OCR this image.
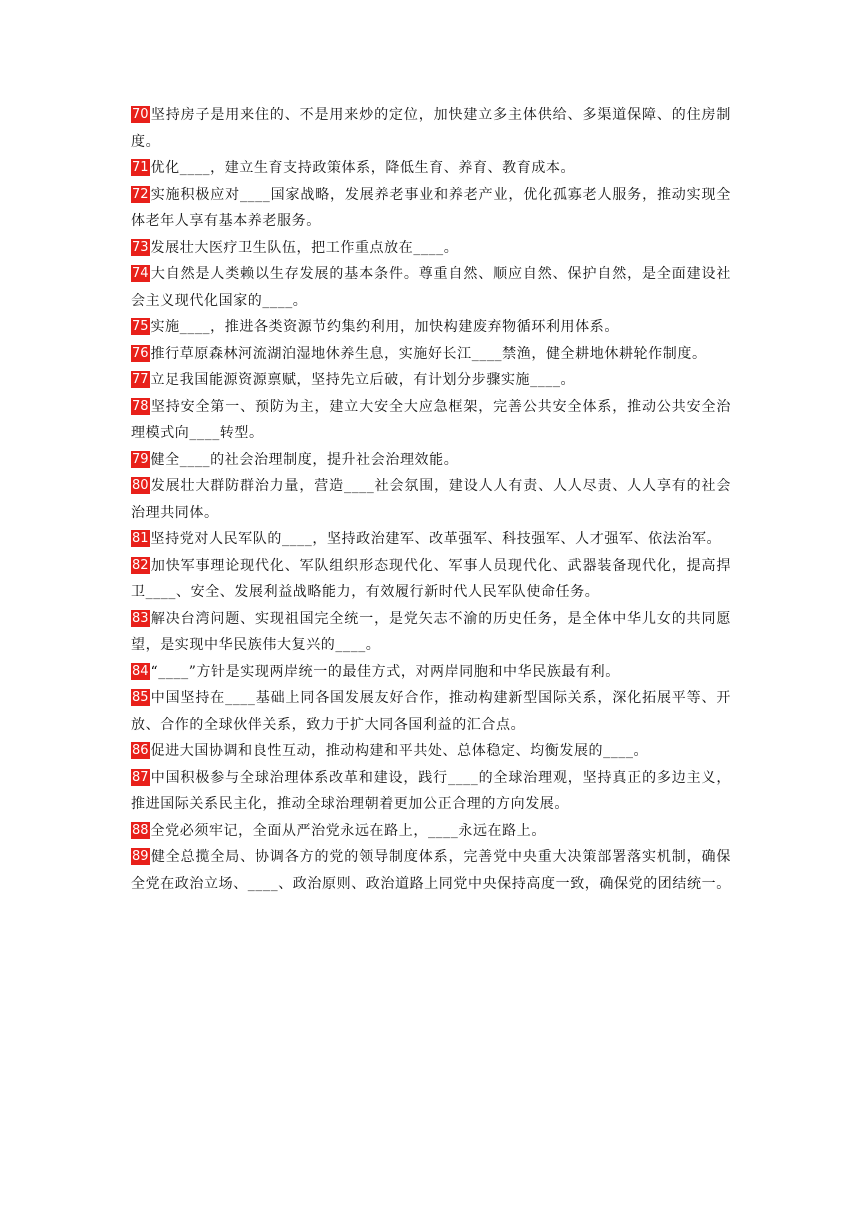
70 坚持房子是用来住的、不是用来炒的定位，加快建立多主体供给、多渠道保障、的住房制度。

71 优化____，建立生育支持政策体系，降低生育、养育、教育成本。

72 实施积极应对____国家战略，发展养老事业和养老产业，优化孤寡老人服务，推动实现全体老年人享有基本养老服务。

73 发展壮大医疗卫生队伍，把工作重点放在____。

74 大自然是人类赖以生存发展的基本条件。尊重自然、顺应自然、保护自然，是全面建设社会主义现代化国家的____。

75 实施____，推进各类资源节约集约利用，加快构建废弃物循环利用体系。

76 推行草原森林河流湖泊湿地休养生息，实施好长江____禁渔，健全耕地休耕轮作制度。

77 立足我国能源资源禀赋，坚持先立后破，有计划分步骤实施____。

78 坚持安全第一、预防为主，建立大安全大应急框架，完善公共安全体系，推动公共安全治理模式向____转型。

79 健全____的社会治理制度，提升社会治理效能。

80 发展壮大群防群治力量，营造____社会氛围，建设人人有责、人人尽责、人人享有的社会治理共同体。

81 坚持党对人民军队的____，坚持政治建军、改革强军、科技强军、人才强军、依法治军。

82 加快军事理论现代化、军队组织形态现代化、军事人员现代化、武器装备现代化，提高捍卫____、安全、发展利益战略能力，有效履行新时代人民军队使命任务。

83 解决台湾问题、实现祖国完全统一，是党矢志不渝的历史任务，是全体中华儿女的共同愿望，是实现中华民族伟大复兴的____。

84 “____”方针是实现两岸统一的最佳方式，对两岸同胞和中华民族最有利。

85 中国坚持在____基础上同各国发展友好合作，推动构建新型国际关系，深化拓展平等、开放、合作的全球伙伴关系，致力于扩大同各国利益的汇合点。

86 促进大国协调和良性互动，推动构建和平共处、总体稳定、均衡发展的____。

87 中国积极参与全球治理体系改革和建设，践行____的全球治理观，坚持真正的多边主义，推进国际关系民主化，推动全球治理朝着更加公正合理的方向发展。

88 全党必须牢记，全面从严治党永远在路上，____永远在路上。

89 健全总揽全局、协调各方的党的领导制度体系，完善党中央重大决策部署落实机制，确保全党在政治立场、____、政治原则、政治道路上同党中央保持高度一致，确保党的团结统一。
